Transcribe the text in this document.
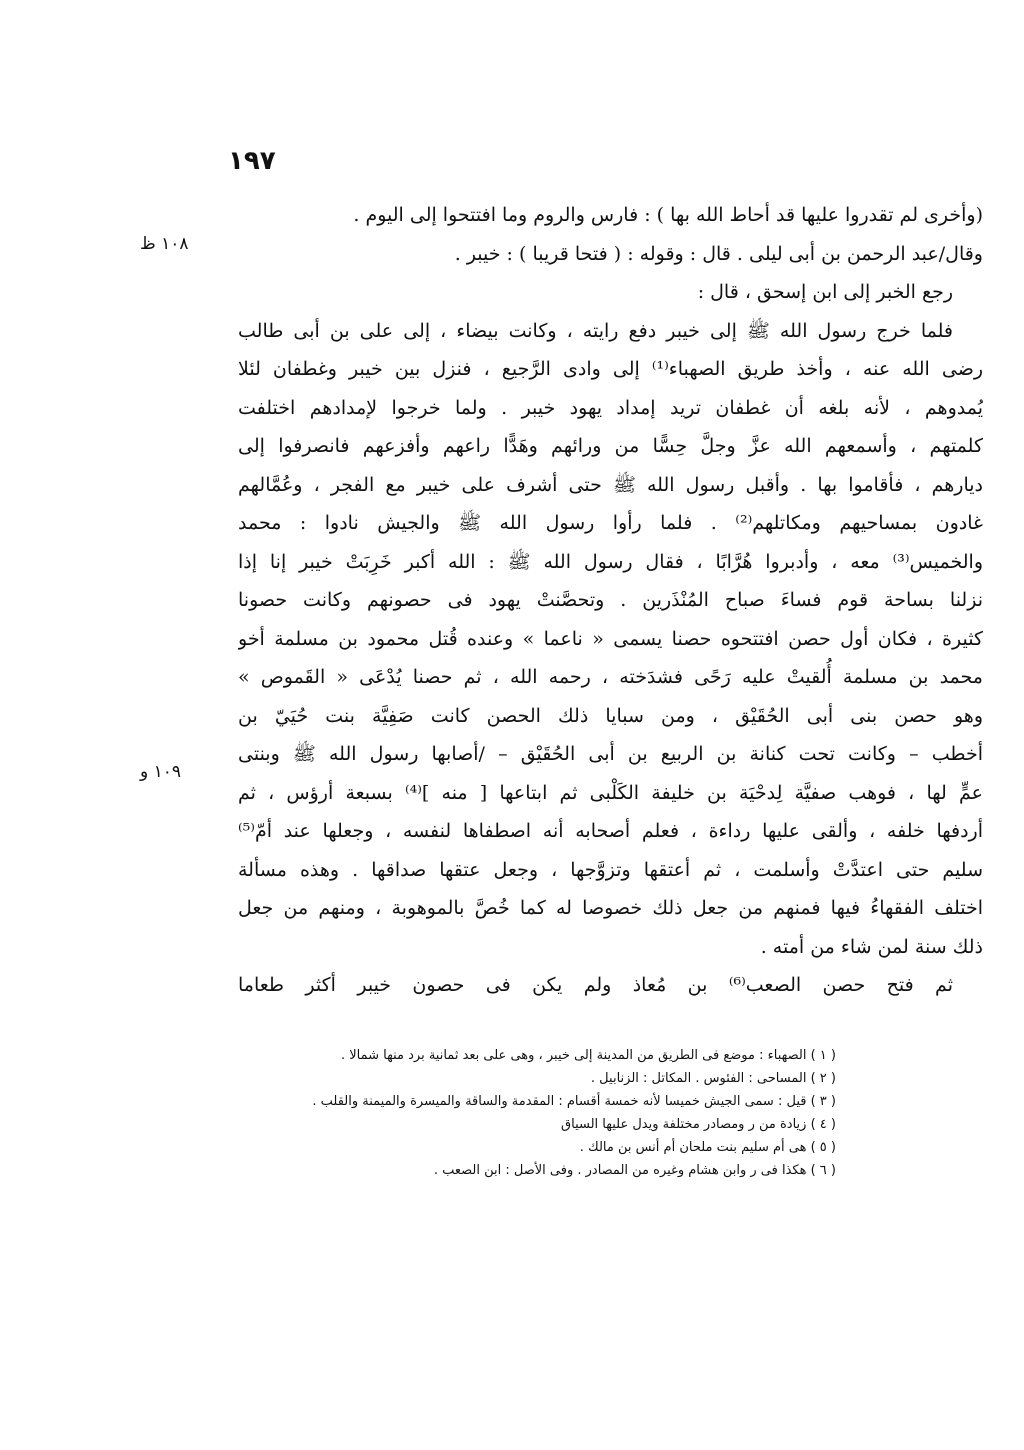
١٩٧
١٠٨ ظ
١٠٩ و
(وأخرى لم تقدروا عليها قد أحاط الله بها ) : فارس والروم وما افتتحوا إلى اليوم .
وقال/عبد الرحمن بن أبى ليلى . قال : وقوله : ( فتحا قريبا ) : خيبر .
رجع الخبر إلى ابن إسحق ، قال :
فلما خرج رسول الله ﷺ إلى خيبر دفع رايته ، وكانت بيضاء ، إلى على بن أبى طالب
رضى الله عنه ، وأخذ طريق الصهباء⁽¹⁾ إلى وادى الرَّجيع ، فنزل بين خيبر وغطفان لئلا
يُمدوهم ، لأنه بلغه أن غطفان تريد إمداد يهود خيبر . ولما خرجوا لإمدادهم اختلفت
كلمتهم ، وأسمعهم الله عزَّ وجلَّ حِسًّا من ورائهم وهَدًّا راعهم وأفزعهم فانصرفوا إلى
ديارهم ، فأقاموا بها . وأقبل رسول الله ﷺ حتى أشرف على خيبر مع الفجر ، وعُمَّالهم
غادون بمساحيهم ومكاتلهم⁽²⁾ . فلما رأوا رسول الله ﷺ والجيش نادوا : محمد
والخميس⁽³⁾ معه ، وأدبروا هُرَّابًا ، فقال رسول الله ﷺ : الله أكبر خَرِبَتْ خيبر إنا إذا
نزلنا بساحة قوم فساءَ صباح المُنْذَرين . وتحصَّنتْ يهود فى حصونهم وكانت حصونا
كثيرة ، فكان أول حصن افتتحوه حصنا يسمى « ناعما » وعنده قُتل محمود بن مسلمة أخو
محمد بن مسلمة أُلقيتْ عليه رَحًى فشدَخته ، رحمه الله ، ثم حصنا يُدْعَى « القَموص »
وهو حصن بنى أبى الحُقَيْق ، ومن سبايا ذلك الحصن كانت صَفِيَّة بنت حُيَيّ بن
أخطب – وكانت تحت كنانة بن الربيع بن أبى الحُقَيْق – /أصابها رسول الله ﷺ وبنتى
عمٍّ لها ، فوهب صفيَّة لِدحْيَة بن خليفة الكَلْبى ثم ابتاعها [ منه ]⁽⁴⁾ بسبعة أرؤس ، ثم
أردفها خلفه ، وألقى عليها رداءة ، فعلم أصحابه أنه اصطفاها لنفسه ، وجعلها عند أمّ⁽⁵⁾
سليم حتى اعتدَّتْ وأسلمت ، ثم أعتقها وتزوَّجها ، وجعل عتقها صداقها . وهذه مسألة
اختلف الفقهاءُ فيها فمنهم من جعل ذلك خصوصا له كما خُصَّ بالموهوبة ، ومنهم من جعل
ذلك سنة لمن شاء من أمته .
ثم فتح حصن الصعب⁽⁶⁾ بن مُعاذ ولم يكن فى حصون خيبر أكثر طعاما
( ١ ) الصهباء : موضع فى الطريق من المدينة إلى خيبر ، وهى على بعد ثمانية برد منها شمالا .
( ٢ ) المساحى : الفئوس . المكاتل : الزنابيل .
( ٣ ) قيل : سمى الجيش خميسا لأنه خمسة أقسام : المقدمة والساقة والميسرة والميمنة والقلب .
( ٤ ) زيادة من ر ومصادر مختلفة ويدل عليها السياق
( ٥ ) هى أم سليم بنت ملحان أم أنس بن مالك .
( ٦ ) هكذا فى ر وابن هشام وغيره من المصادر . وفى الأصل : ابن الصعب .
